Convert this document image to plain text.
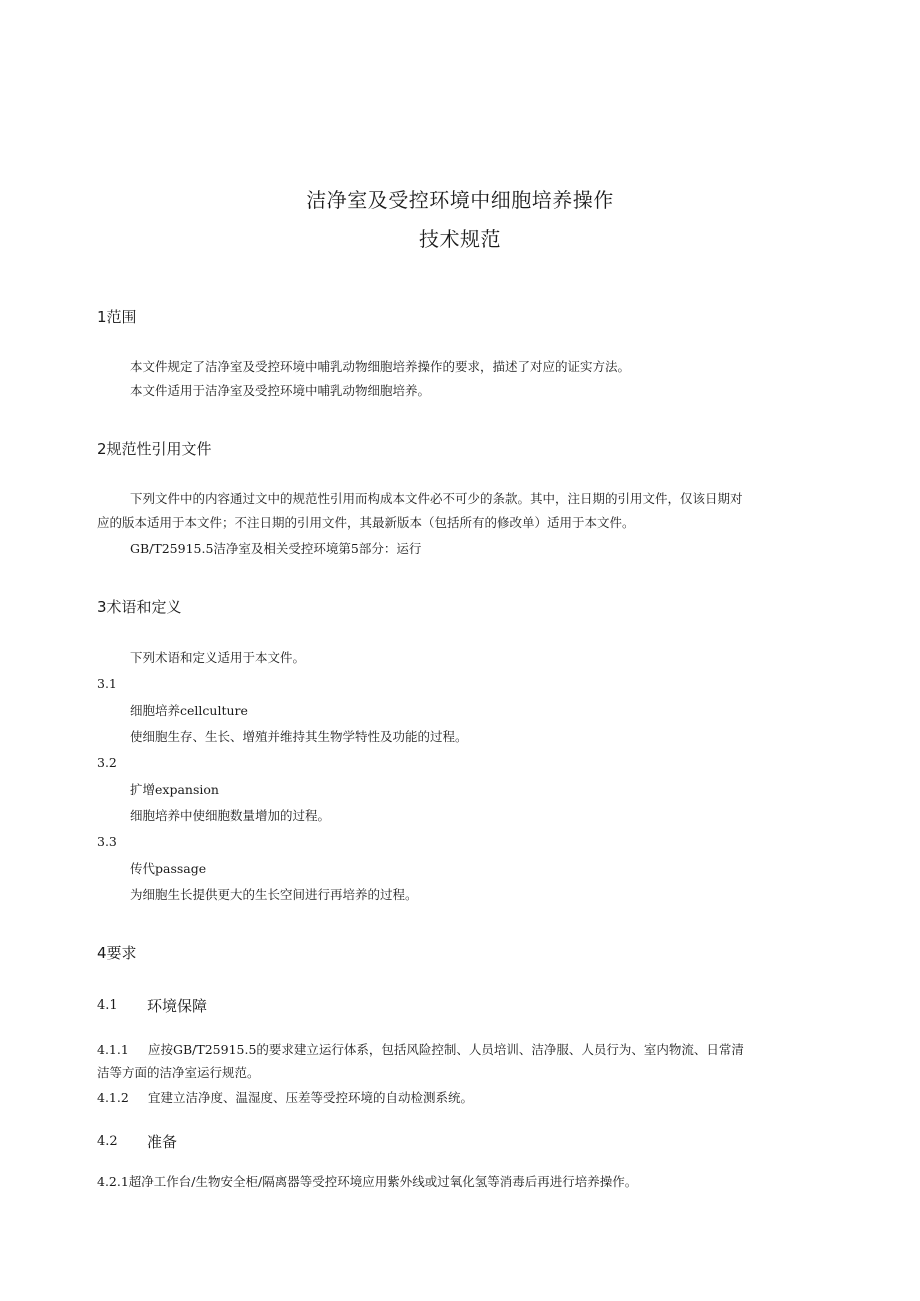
洁净室及受控环境中细胞培养操作
技术规范
1范围
本文件规定了洁净室及受控环境中哺乳动物细胞培养操作的要求，描述了对应的证实方法。
本文件适用于洁净室及受控环境中哺乳动物细胞培养。
2规范性引用文件
下列文件中的内容通过文中的规范性引用而构成本文件必不可少的条款。其中，注日期的引用文件，仅该日期对
应的版本适用于本文件；不注日期的引用文件，其最新版本（包括所有的修改单）适用于本文件。
GB/T25915.5洁净室及相关受控环境第5部分：运行
3术语和定义
下列术语和定义适用于本文件。
3.1
细胞培养cellculture
使细胞生存、生长、增殖并维持其生物学特性及功能的过程。
3.2
扩增expansion
细胞培养中使细胞数量增加的过程。
3.3
传代passage
为细胞生长提供更大的生长空间进行再培养的过程。
4要求
4.1 环境保障
4.1.1 应按GB/T25915.5的要求建立运行体系，包括风险控制、人员培训、洁净服、人员行为、室内物流、日常清
洁等方面的洁净室运行规范。
4.1.2 宜建立洁净度、温湿度、压差等受控环境的自动检测系统。
4.2 准备
4.2.1超净工作台/生物安全柜/隔离器等受控环境应用紫外线或过氧化氢等消毒后再进行培养操作。
